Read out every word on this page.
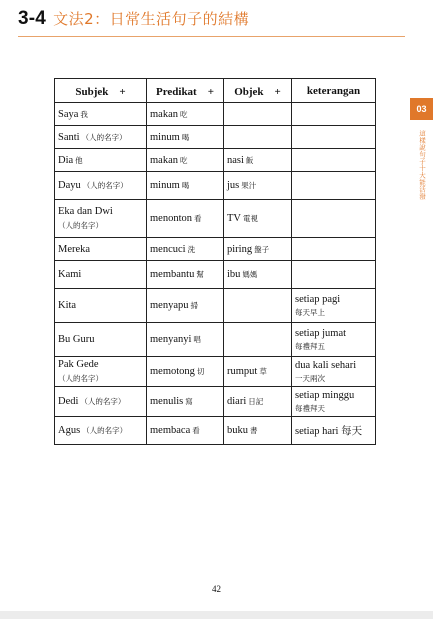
3-4 文法2：日常生活句子的結構
03
這樣說句子十大能活潑
Subjek　+	Predikat　+	Objek　+	keterangan
Saya 我	makan 吃		
Santi （人的名字）	minum 喝		
Dia 他	makan 吃	nasi 飯	
Dayu （人的名字）	minum 喝	jus 果汁	
Eka dan Dwi
（人的名字）	menonton 看	TV 電視	
Mereka	mencuci 洗	piring 盤子	
Kami	membantu 幫	ibu 媽媽	
Kita	menyapu 掃		setiap pagi
每天早上

Bu Guru	menyanyi 唱		setiap jumat
每禮拜五

Pak Gede
（人的名字）	memotong 切	rumput 草	dua kali sehari
一天兩次

Dedi （人的名字）	menulis 寫	diari 日記	setiap minggu
每禮拜天

Agus （人的名字）	membaca 看	buku 書	setiap hari 每天
42
